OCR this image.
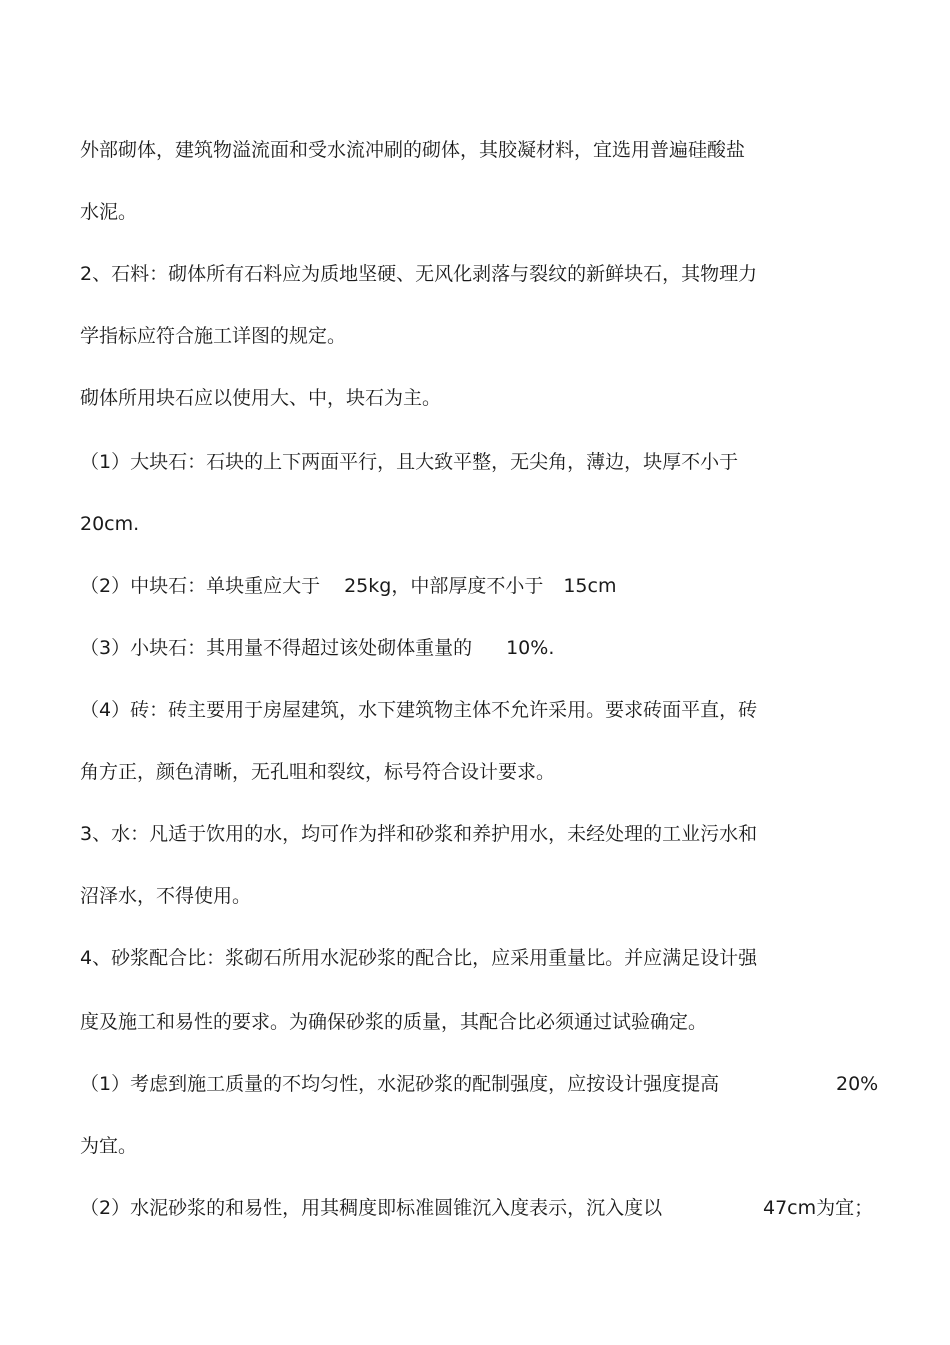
外部砌体，建筑物溢流面和受水流冲刷的砌体，其胶凝材料，宜选用普遍硅酸盐
水泥。
2、石料：砌体所有石料应为质地坚硬、无风化剥落与裂纹的新鲜块石，其物理力
学指标应符合施工详图的规定。
砌体所用块石应以使用大、中，块石为主。
（1）大块石：石块的上下两面平行，且大致平整，无尖角，薄边，块厚不小于
20cm.
（2）中块石：单块重应大于 25kg，中部厚度不小于 15cm
（3）小块石：其用量不得超过该处砌体重量的 10%.
（4）砖：砖主要用于房屋建筑，水下建筑物主体不允许采用。要求砖面平直，砖
角方正，颜色清晰，无孔咀和裂纹，标号符合设计要求。
3、水：凡适于饮用的水，均可作为拌和砂浆和养护用水，未经处理的工业污水和
沼泽水，不得使用。
4、砂浆配合比：浆砌石所用水泥砂浆的配合比，应采用重量比。并应满足设计强
度及施工和易性的要求。为确保砂浆的质量，其配合比必须通过试验确定。
（1）考虑到施工质量的不均匀性，水泥砂浆的配制强度，应按设计强度提高	20%
为宜。
（2）水泥砂浆的和易性，用其稠度即标准圆锥沉入度表示，沉入度以	47cm为宜；
